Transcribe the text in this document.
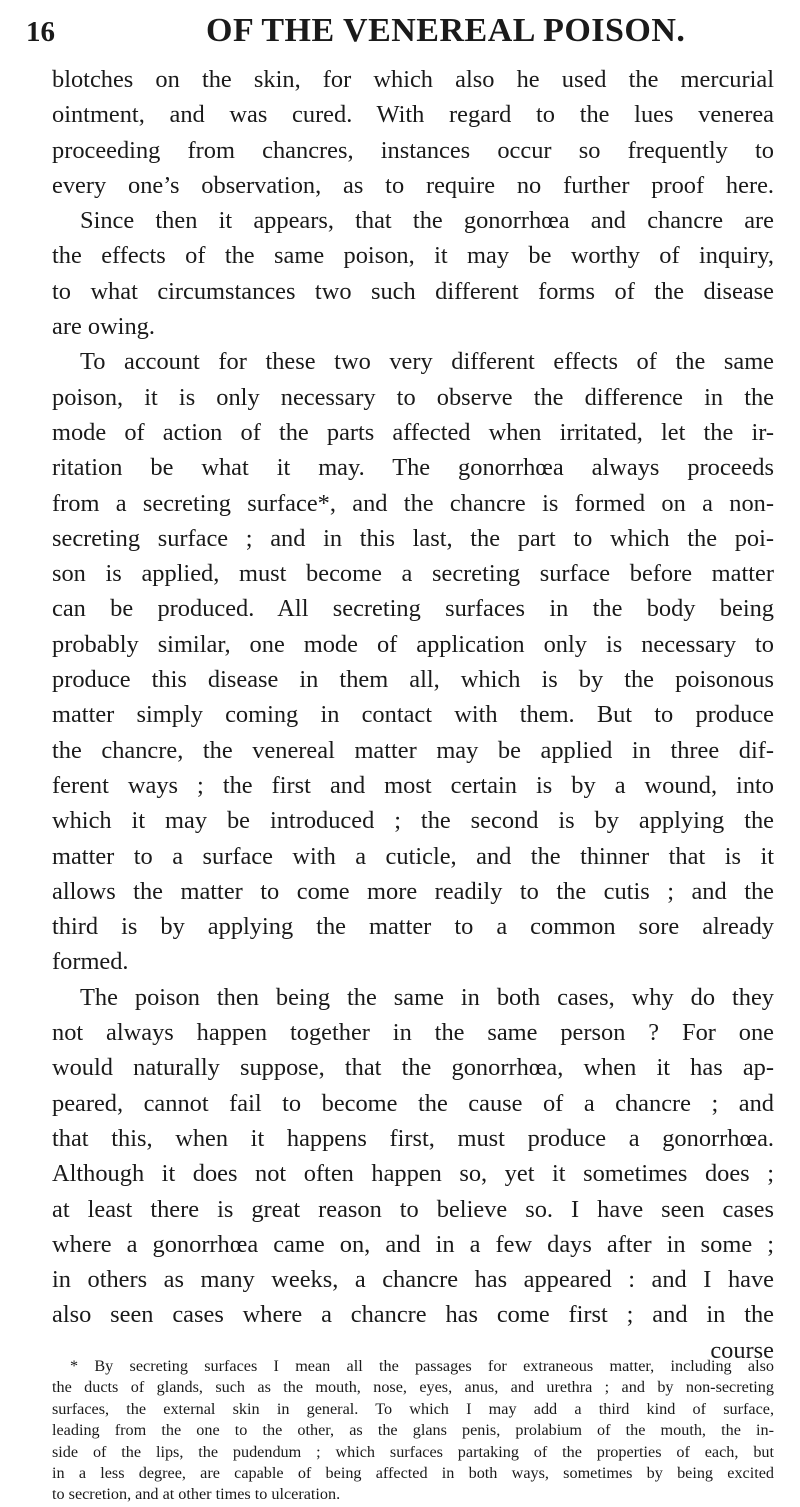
16	OF THE VENEREAL POISON.
blotches on the skin, for which also he used the mercurial
ointment, and was cured. With regard to the lues venerea
proceeding from chancres, instances occur so frequently to
every one’s observation, as to require no further proof here.
Since then it appears, that the gonorrhœa and chancre are
the effects of the same poison, it may be worthy of inquiry,
to what circumstances two such different forms of the disease
are owing.
To account for these two very different effects of the same
poison, it is only necessary to observe the difference in the
mode of action of the parts affected when irritated, let the ir-
ritation be what it may. The gonorrhœa always proceeds
from a secreting surface*, and the chancre is formed on a non-
secreting surface ; and in this last, the part to which the poi-
son is applied, must become a secreting surface before matter
can be produced. All secreting surfaces in the body being
probably similar, one mode of application only is necessary to
produce this disease in them all, which is by the poisonous
matter simply coming in contact with them. But to produce
the chancre, the venereal matter may be applied in three dif-
ferent ways ; the first and most certain is by a wound, into
which it may be introduced ; the second is by applying the
matter to a surface with a cuticle, and the thinner that is it
allows the matter to come more readily to the cutis ; and the
third is by applying the matter to a common sore already
formed.
The poison then being the same in both cases, why do they
not always happen together in the same person ? For one
would naturally suppose, that the gonorrhœa, when it has ap-
peared, cannot fail to become the cause of a chancre ; and
that this, when it happens first, must produce a gonorrhœa.
Although it does not often happen so, yet it sometimes does ;
at least there is great reason to believe so. I have seen cases
where a gonorrhœa came on, and in a few days after in some ;
in others as many weeks, a chancre has appeared : and I have
also seen cases where a chancre has come first ; and in the
course
* By secreting surfaces I mean all the passages for extraneous matter, including also
the ducts of glands, such as the mouth, nose, eyes, anus, and urethra ; and by non-secreting
surfaces, the external skin in general. To which I may add a third kind of surface,
leading from the one to the other, as the glans penis, prolabium of the mouth, the in-
side of the lips, the pudendum ; which surfaces partaking of the properties of each, but
in a less degree, are capable of being affected in both ways, sometimes by being excited
to secretion, and at other times to ulceration.
